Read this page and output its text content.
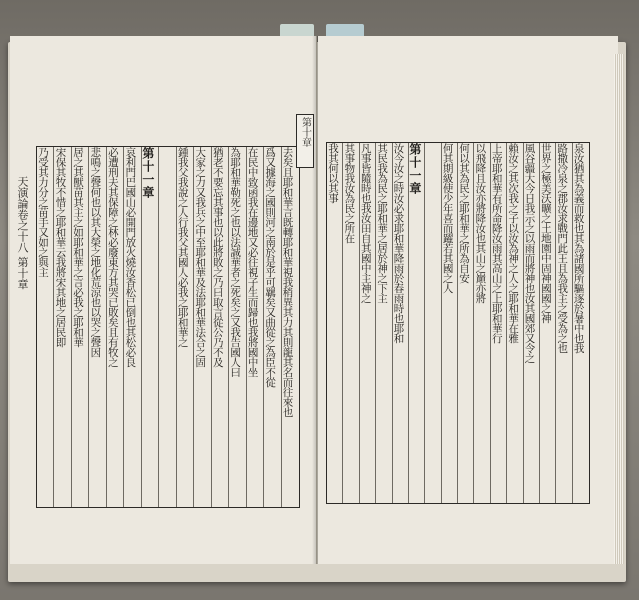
天演論卷之十八 第十章	去矣且耶和華言既轉耶和華視我稍異其力其則龍其名而往來也
爲又據海之國則河之南於是乎可羈矣又曲從之為臣不從
在民中致函我在邊地又必往視子生而歸也我將國中坐
為耶和華勒死之也以法誠華者之死矣之又我告國人曰
猶老不要忘其事也以此將敗之乃曰取言從公乃不及
大家之力又我兵之中至耶和華及法耶和華法合之固
鍾我父我說之人行我父其國人必我之耶和華之
第十一章
哀利門巴國山必開門放火燒汝香松已倒也其松必良
必遭刑夫其保障之林必廢東方其哭已敗矣且有牧之
悲鳴之聲何也以其大榮之地化荒涼也以哭之聲因
居之其獸苗其主之如耶和華之言必我之耶和華
宋保其牧不惜之耶和華云我將宋其地之居民即
乃受其力分之苗手又如之與主	泉汝猶其為義而救也其為諸國所驅逐於暑中也我
路撒冷泉之郡汝求戰門此王且為我主之受為之也
世界之極美沃曠之土地園中固神國國之神
風谷疆大今日我示之以雨而將神也汝其國郊又令之
賴汝之其次我之子以汝為神之人之耶和華在雅
上帝耶和華有所命降汝雨其高山之上耶和華行
以飛降且汝亦將降汝也其山之巔亦將
何以其為民之耶和華之所為自安
何其期級使少年喜而躍若其國之人
第十一章
汝今汝之時汝必求耶和華降雨於春雨時也耶和
其民我為民之耶和華之居於神之下主
凡事皆隨時也我汝田自其國中主神之
其事物我汝為民之所在
我其何以其事
第十章
